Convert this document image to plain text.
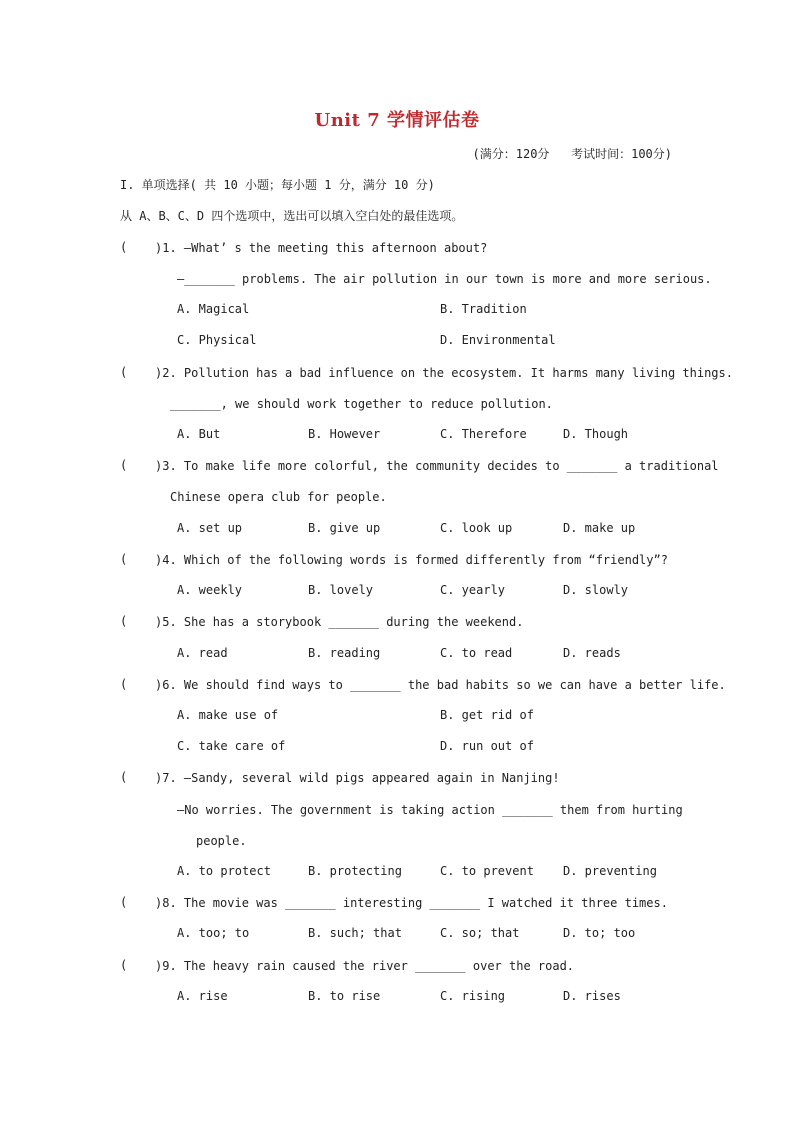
Unit 7 学情评估卷
(满分：120分   考试时间：100分)
I. 单项选择( 共 10 小题；每小题 1 分，满分 10 分)
从 A、B、C、D 四个选项中，选出可以填入空白处的最佳选项。
( )1. —What’ s the meeting this afternoon about?
—_______ problems. The air pollution in our town is more and more serious.
A. Magical	B. Tradition
C. Physical	D. Environmental
( )2. Pollution has a bad influence on the ecosystem. It harms many living things.
_______, we should work together to reduce pollution.
A. But	B. However	C. Therefore	D. Though
( )3. To make life more colorful, the community decides to _______ a traditional
Chinese opera club for people.
A. set up	B. give up	C. look up	D. make up
( )4. Which of the following words is formed differently from “friendly”?
A. weekly	B. lovely	C. yearly	D. slowly
( )5. She has a storybook _______ during the weekend.
A. read	B. reading	C. to read	D. reads
( )6. We should find ways to _______ the bad habits so we can have a better life.
A. make use of	B. get rid of
C. take care of	D. run out of
( )7. —Sandy, several wild pigs appeared again in Nanjing!
—No worries. The government is taking action _______ them from hurting
people.
A. to protect	B. protecting	C. to prevent D. preventing
( )8. The movie was _______ interesting _______ I watched it three times.
A. too; to	B. such; that	C. so; that	D. to; too
( )9. The heavy rain caused the river _______ over the road.
A. rise	B. to rise	C. rising	D. rises
